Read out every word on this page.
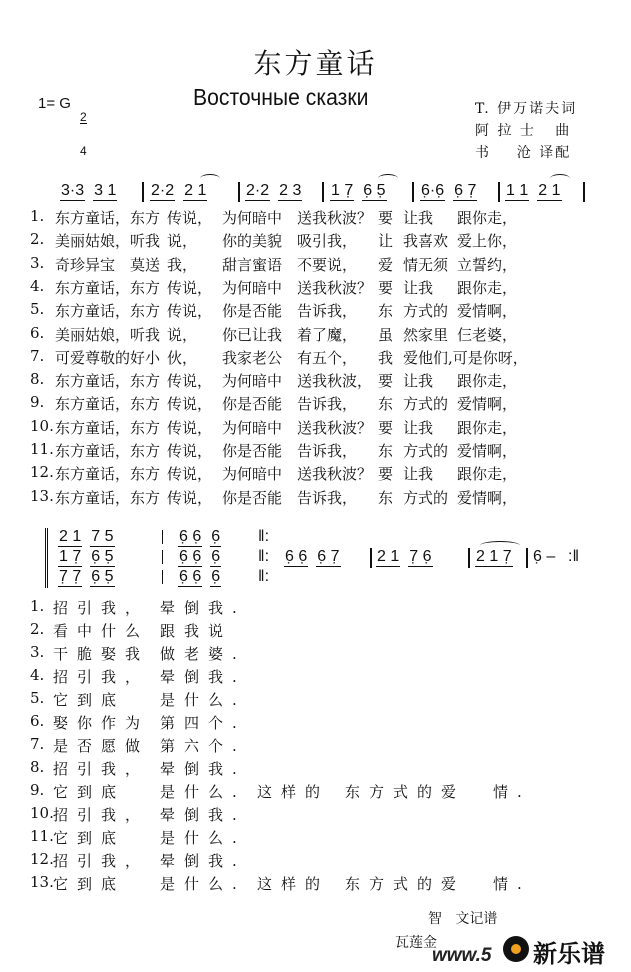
东方童话
Восточные сказки
1= G

2

4

T. 伊万诺夫词
阿 拉 士   曲
书    沧 译配
3·3 3 1	2·2 2 1	2·2 2 3	1 7̣ 6̣ 5̣	6̣·6̣ 6̣ 7̣	1 1 2 1
1. 东方童话， 东方 传说， 为何暗中 送我秋波？ 要 让我 跟你走，
2. 美丽姑娘， 听我 说， 你的美貌 吸引我， 让 我喜欢 爱上你，
3. 奇珍异宝 莫送 我， 甜言蜜语 不要说， 爱 情无须 立誓约，
4. 东方童话， 东方 传说， 为何暗中 送我秋波？ 要 让我 跟你走，
5. 东方童话， 东方 传说， 你是否能 告诉我， 东 方式的 爱情啊，
6. 美丽姑娘， 听我 说， 你已让我 着了魔， 虽 然家里 仨老婆，
7. 可爱尊敬的好小 伙， 我家老公 有五个， 我 爱他们,可是你呀，
8. 东方童话， 东方 传说， 为何暗中 送我秋波， 要 让我 跟你走，
9. 东方童话， 东方 传说， 你是否能 告诉我， 东 方式的 爱情啊，
10. 东方童话， 东方 传说， 为何暗中 送我秋波？ 要 让我 跟你走，
11. 东方童话， 东方 传说， 你是否能 告诉我， 东 方式的 爱情啊，
12. 东方童话， 东方 传说， 为何暗中 送我秋波？ 要 让我 跟你走，
13. 东方童话， 东方 传说， 你是否能 告诉我， 东 方式的 爱情啊，
2 1 7 5	6̣ 6̣ 6̣	‖:
1 7̣ 6̣ 5̣	6̣ 6̣ 6̣	‖:
7̣ 7̣ 6̣ 5̣	6̣ 6̣ 6̣	‖:
6̣ 6̣ 6̣ 7̣	2 1 7̣ 6̣	2 1 7̣	6̣ – :‖
1. 招引我， 晕倒我.
2. 看中什么 跟我说
3. 干脆娶我 做老婆.
4. 招引我， 晕倒我.
5. 它到底 是什么.
6. 娶你作为 第四个.
7. 是否愿做 第六个.
8. 招引我， 晕倒我.
9. 它到底 是什么. 这样的 东方式的爱 情.
10. 招引我， 晕倒我.
11. 它到底 是什么.
12. 招引我， 晕倒我.
13. 它到底 是什么. 这样的 东方式的爱 情.
智   文记谱
瓦莲金
www.5 新乐谱
